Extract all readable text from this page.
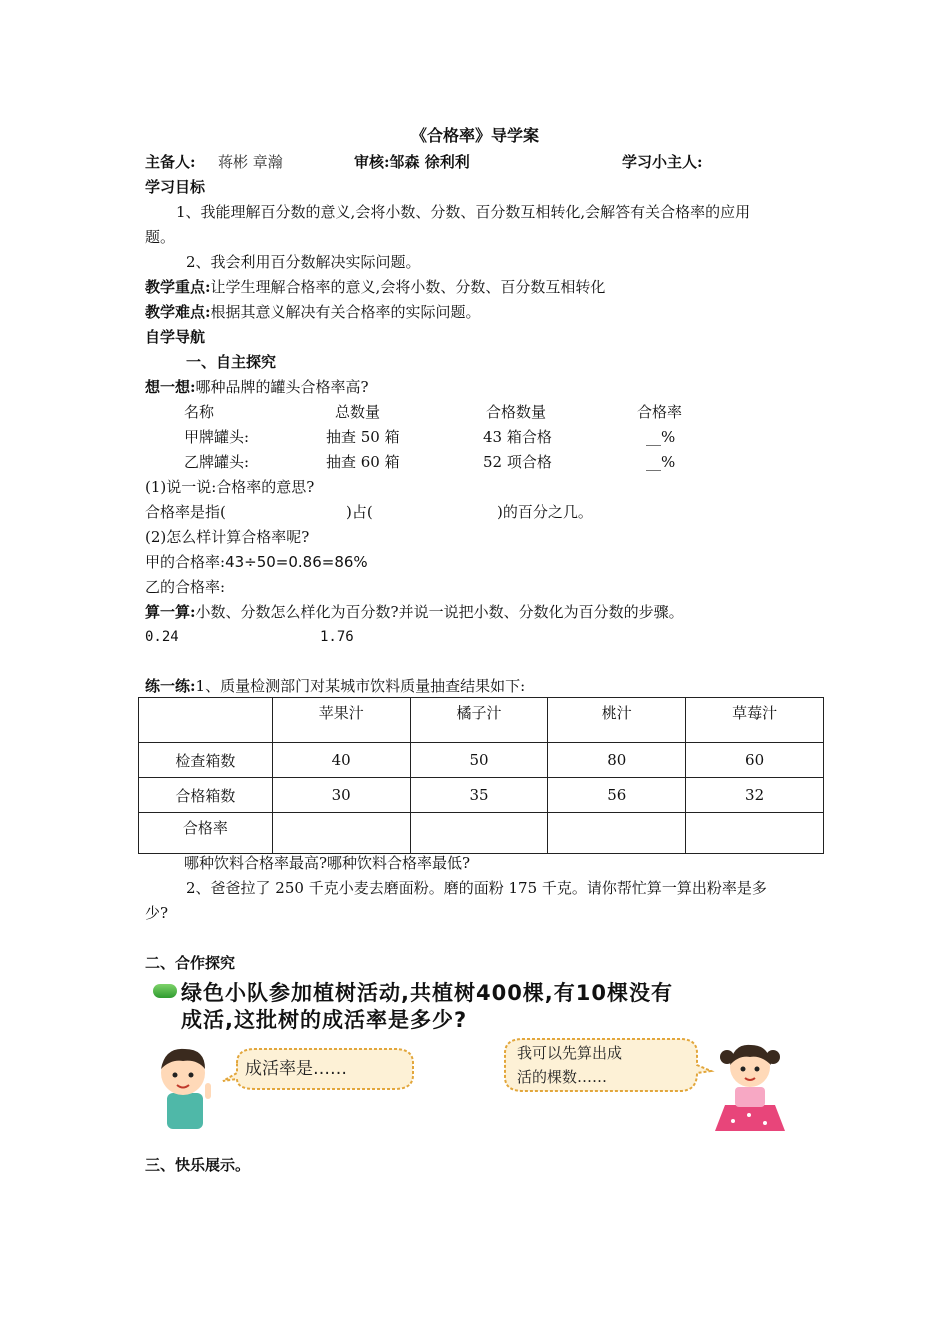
《合格率》导学案
主备人: 蒋彬 章瀚	审核:邹森 徐利利	学习小主人:
学习目标
1、我能理解百分数的意义,会将小数、分数、百分数互相转化,会解答有关合格率的应用
题。
2、我会利用百分数解决实际问题。
教学重点:让学生理解合格率的意义,会将小数、分数、百分数互相转化
教学难点:根据其意义解决有关合格率的实际问题。
自学导航
一、自主探究
想一想:哪种品牌的罐头合格率高?
名称	总数量	合格数量	合格率
甲牌罐头:	抽查 50 箱	43 箱合格	__%
乙牌罐头:	抽查 60 箱	52 项合格	__%
(1)说一说:合格率的意思?
合格率是指(	)占(	)的百分之几。
(2)怎么样计算合格率呢?
甲的合格率:43÷50=0.86=86%
乙的合格率:
算一算:小数、分数怎么样化为百分数?并说一说把小数、分数化为百分数的步骤。
0.24	1.76
练一练:1、质量检测部门对某城市饮料质量抽查结果如下:
	苹果汁	橘子汁	桃汁	草莓汁
检查箱数	40	50	80	60
合格箱数	30	35	56	32
合格率				
哪种饮料合格率最高?哪种饮料合格率最低?
2、爸爸拉了 250 千克小麦去磨面粉。磨的面粉 175 千克。请你帮忙算一算出粉率是多
少?
二、合作探究
绿色小队参加植树活动,共植树400棵,有10棵没有
成活,这批树的成活率是多少?
成活率是……
我可以先算出成
活的棵数……
三、快乐展示。
